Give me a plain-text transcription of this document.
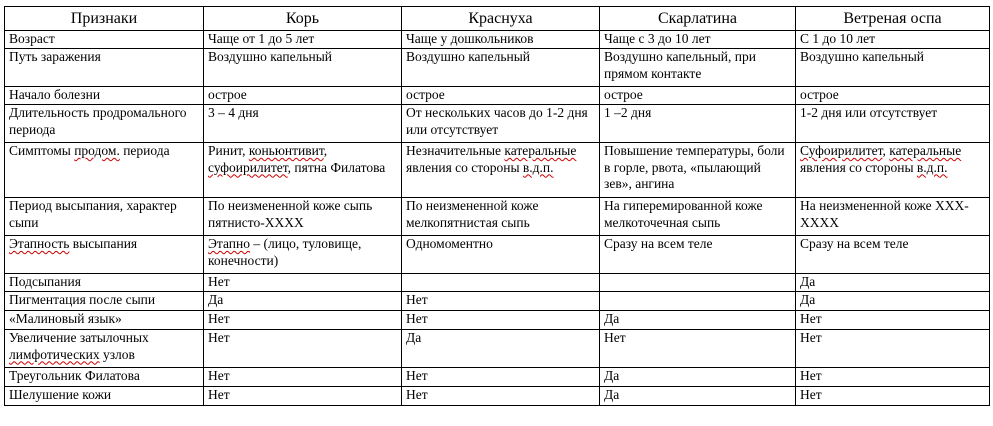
Признаки	Корь	Краснуха	Скарлатина	Ветреная оспа
Возраст	Чаще от 1 до 5 лет	Чаще у дошкольников	Чаще с 3 до 10 лет	С 1 до 10 лет
Путь заражения	Воздушно капельный	Воздушно капельный	Воздушно капельный, при прямом контакте	Воздушно капельный
Начало болезни	острое	острое	острое	острое
Длительность продромального периода	3 – 4 дня	От нескольких часов до 1-2 дня или отсутствует	1 –2 дня	1-2 дня или отсутствует
Симптомы продом. периода	Ринит, коньюнтивит, суфоирилитет, пятна Филатова	Незначительные катеральные явления со стороны в.д.п.	Повышение температуры, боли в горле, рвота, «пылающий зев», ангина	Суфоирилитет, катеральные явления со стороны в.д.п.
Период высыпания, характер сыпи	По неизмененной коже сыпь пятнисто-XXXX	По неизмененной коже мелкопятнистая сыпь	На гиперемированной коже мелкоточечная сыпь	На неизмененной коже XXX-XXXX
Этапность высыпания	Этапно – (лицо, туловище, конечности)	Одномоментно	Сразу на всем теле	Сразу на всем теле
Подсыпания	Нет			Да
Пигментация после сыпи	Да	Нет		Да
«Малиновый язык»	Нет	Нет	Да	Нет
Увеличение затылочных лимфотических узлов	Нет	Да	Нет	Нет
Треугольник Филатова	Нет	Нет	Да	Нет
Шелушение кожи	Нет	Нет	Да	Нет
